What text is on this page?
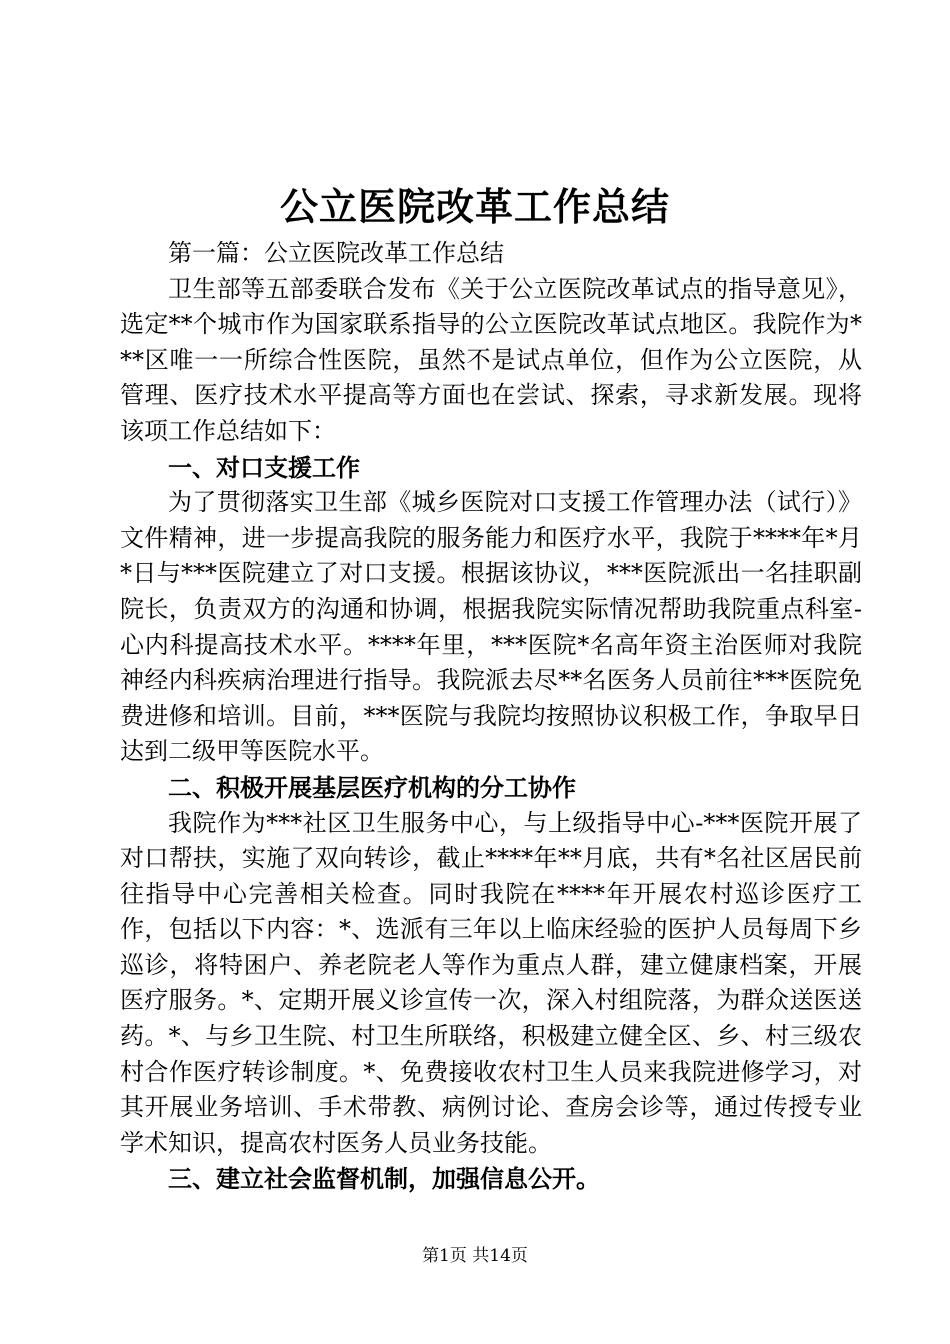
公立医院改革工作总结

第一篇：公立医院改革工作总结

卫生部等五部委联合发布《关于公立医院改革试点的指导意见》，选定**个城市作为国家联系指导的公立医院改革试点地区。我院作为***区唯一一所综合性医院，虽然不是试点单位，但作为公立医院，从管理、医疗技术水平提高等方面也在尝试、探索，寻求新发展。现将该项工作总结如下：

一、对口支援工作

为了贯彻落实卫生部《城乡医院对口支援工作管理办法（试行）》文件精神，进一步提高我院的服务能力和医疗水平，我院于****年*月*日与***医院建立了对口支援。根据该协议，***医院派出一名挂职副院长，负责双方的沟通和协调，根据我院实际情况帮助我院重点科室-心内科提高技术水平。****年里，***医院*名高年资主治医师对我院神经内科疾病治理进行指导。我院派去尽**名医务人员前往***医院免费进修和培训。目前，***医院与我院均按照协议积极工作，争取早日达到二级甲等医院水平。

二、积极开展基层医疗机构的分工协作

我院作为***社区卫生服务中心，与上级指导中心-***医院开展了对口帮扶，实施了双向转诊，截止****年**月底，共有*名社区居民前往指导中心完善相关检查。同时我院在****年开展农村巡诊医疗工作，包括以下内容：*、选派有三年以上临床经验的医护人员每周下乡巡诊，将特困户、养老院老人等作为重点人群，建立健康档案，开展医疗服务。*、定期开展义诊宣传一次，深入村组院落，为群众送医送药。*、与乡卫生院、村卫生所联络，积极建立健全区、乡、村三级农村合作医疗转诊制度。*、免费接收农村卫生人员来我院进修学习，对其开展业务培训、手术带教、病例讨论、查房会诊等，通过传授专业学术知识，提高农村医务人员业务技能。

三、建立社会监督机制，加强信息公开。

第1页 共14页
